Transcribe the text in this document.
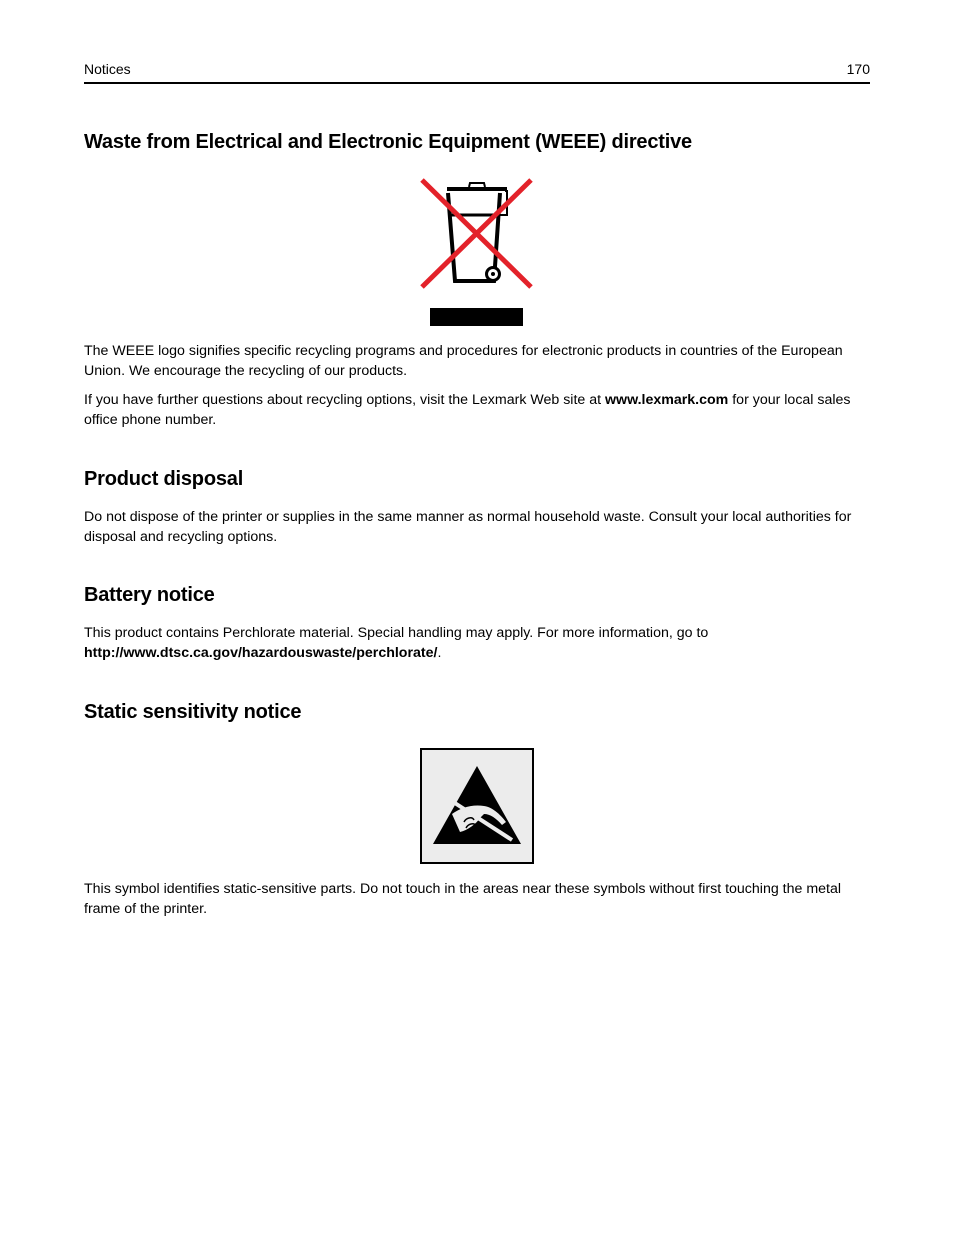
Notices	170
Waste from Electrical and Electronic Equipment (WEEE) directive

The WEEE logo signifies specific recycling programs and procedures for electronic products in countries of the European Union. We encourage the recycling of our products.

If you have further questions about recycling options, visit the Lexmark Web site at www.lexmark.com for your local sales office phone number.

Product disposal

Do not dispose of the printer or supplies in the same manner as normal household waste. Consult your local authorities for disposal and recycling options.

Battery notice

This product contains Perchlorate material. Special handling may apply. For more information, go to http://www.dtsc.ca.gov/hazardouswaste/perchlorate/.

Static sensitivity notice

This symbol identifies static-sensitive parts. Do not touch in the areas near these symbols without first touching the metal frame of the printer.
